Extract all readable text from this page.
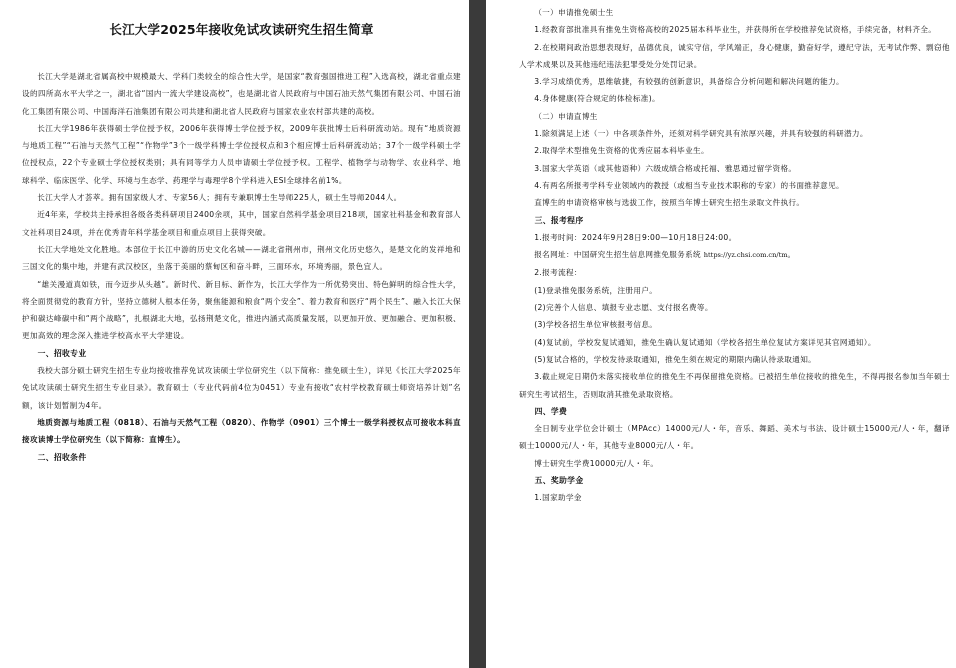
长江大学2025年接收免试攻读研究生招生简章

长江大学是湖北省属高校中规模最大、学科门类较全的综合性大学，是国家“教育强国推进工程”入选高校，湖北省重点建设的四所高水平大学之一，湖北省“国内一流大学建设高校”，也是湖北省人民政府与中国石油天然气集团有限公司、中国石油化工集团有限公司、中国海洋石油集团有限公司共建和湖北省人民政府与国家农业农村部共建的高校。

长江大学1986年获得硕士学位授予权，2006年获得博士学位授予权，2009年获批博士后科研流动站。现有“地质资源与地质工程”“石油与天然气工程”“作物学”3个一级学科博士学位授权点和3个相应博士后科研流动站；37个一级学科硕士学位授权点，22个专业硕士学位授权类别；具有同等学力人员申请硕士学位授予权。工程学、植物学与动物学、农业科学、地球科学、临床医学、化学、环境与生态学、药理学与毒理学8个学科进入ESI全球排名前1%。

长江大学人才荟萃。拥有国家级人才、专家56人；拥有专兼职博士生导师225人，硕士生导师2044人。

近4年来，学校共主持承担各级各类科研项目2400余项，其中，国家自然科学基金项目218项，国家社科基金和教育部人文社科项目24项，并在优秀青年科学基金项目和重点项目上获得突破。

长江大学地处文化胜地。本部位于长江中游的历史文化名城——湖北省荆州市，荆州文化历史悠久，是楚文化的发祥地和三国文化的集中地，并建有武汉校区，坐落于美丽的蔡甸区和奋斗畔，三面环水，环境秀丽，景色宜人。

“雄关漫道真如铁，而今迈步从头越”。新时代、新目标、新作为，长江大学作为一所优势突出、特色鲜明的综合性大学，将全面贯彻党的教育方针，坚持立德树人根本任务，聚焦能源和粮食“两个安全”、着力教育和医疗“两个民生”、融入长江大保护和碳达峰碳中和“两个战略”，扎根湖北大地，弘扬荆楚文化，推进内涵式高质量发展，以更加开放、更加融合、更加积极、更加高效的理念深入推进学校高水平大学建设。

一、招收专业

我校大部分硕士研究生招生专业均接收推荐免试攻读硕士学位研究生（以下简称：推免硕士生），详见《长江大学2025年免试攻读硕士研究生招生专业目录》。教育硕士（专业代码前4位为0451）专业有接收“农村学校教育硕士师资培养计划”名额，该计划暂制为4年。

地质资源与地质工程（0818）、石油与天然气工程（0820）、作物学（0901）三个博士一级学科授权点可接收本科直接攻读博士学位研究生（以下简称：直博生）。

二、招收条件

（一）申请推免硕士生

1.经教育部批准具有推免生资格高校的2025届本科毕业生，并获得所在学校推荐免试资格，手续完备，材料齐全。

2.在校期间政治思想表现好，品德优良，诚实守信，学风端正，身心健康，勤奋好学，遵纪守法，无考试作弊、剽窃他人学术成果以及其他违纪违法犯罪受处分处罚记录。

3.学习成绩优秀，思维敏捷，有较强的创新意识，具备综合分析问题和解决问题的能力。

4.身体健康(符合规定的体检标准)。

（二）申请直博生

1.除须满足上述（一）中各项条件外，还须对科学研究具有浓厚兴趣，并具有较强的科研潜力。

2.取得学术型推免生资格的优秀应届本科毕业生。

3.国家大学英语（或其他语种）六级成绩合格或托福、雅思通过留学资格。

4.有两名所报考学科专业领域内的教授（或相当专业技术职称的专家）的书面推荐意见。

直博生的申请资格审核与选拔工作，按照当年博士研究生招生录取文件执行。

三、报考程序

1.报考时间：2024年9月28日9:00—10月18日24:00。

报名网址：中国研究生招生信息网推免服务系统 https://yz.chsi.com.cn/tm。

2.报考流程：

(1)登录推免服务系统，注册用户。

(2)完善个人信息、填报专业志愿、支付报名费等。

(3)学校各招生单位审核报考信息。

(4)复试前，学校发复试通知，推免生确认复试通知（学校各招生单位复试方案详见其官网通知）。

(5)复试合格的，学校发待录取通知，推免生须在规定的期限内确认待录取通知。

3.截止规定日期仍未落实接收单位的推免生不再保留推免资格。已被招生单位接收的推免生，不得再报名参加当年硕士研究生考试招生，否则取消其推免录取资格。

四、学费

全日制专业学位会计硕士（MPAcc）14000元/人・年，音乐、舞蹈、美术与书法、设计硕士15000元/人・年，翻译硕士10000元/人・年，其他专业8000元/人・年。

博士研究生学费10000元/人・年。

五、奖助学金

1.国家助学金
